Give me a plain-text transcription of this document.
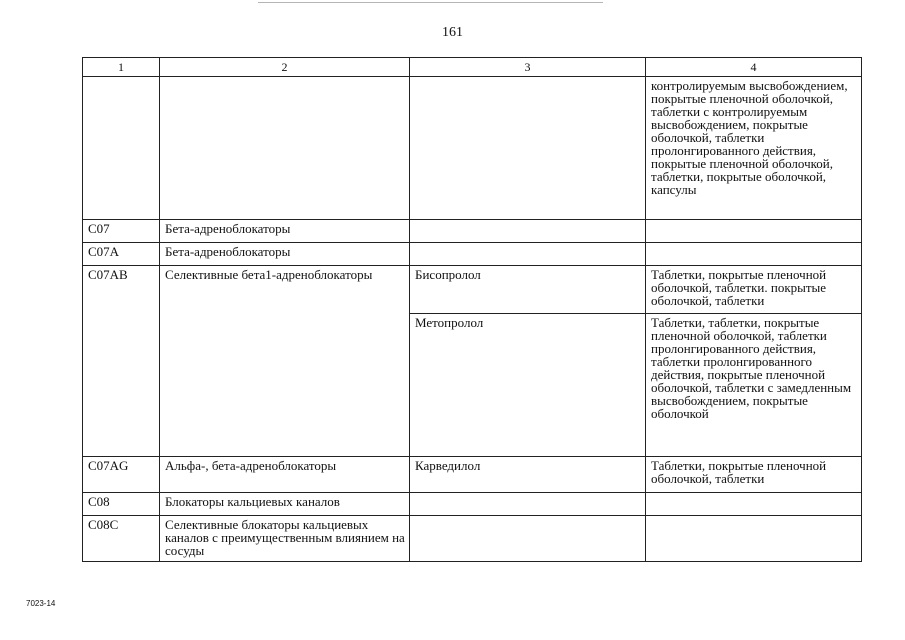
161
1	2	3	4
			контролируемым высвобождением, покрытые пленочной оболочкой, таблетки с контролируемым высвобождением, покрытые оболочкой, таблетки пролонгированного действия, покрытые пленочной оболочкой, таблетки, покрытые оболочкой, капсулы
C07	Бета-адреноблокаторы		
C07A	Бета-адреноблокаторы		
C07AB	Селективные бета1-адреноблокаторы	Бисопролол	Таблетки, покрытые пленочной оболочкой, таблетки. покрытые оболочкой, таблетки
		Метопролол	Таблетки, таблетки, покрытые пленочной оболочкой, таблетки пролонгированного действия, таблетки пролонгированного действия, покрытые пленочной оболочкой, таблетки с замедленным высвобождением, покрытые оболочкой
C07AG	Альфа-, бета-адреноблокаторы	Карведилол	Таблетки, покрытые пленочной оболочкой, таблетки
C08	Блокаторы кальциевых каналов		
C08C	Селективные блокаторы кальциевых каналов с преимущественным влиянием на сосуды		
7023-14
